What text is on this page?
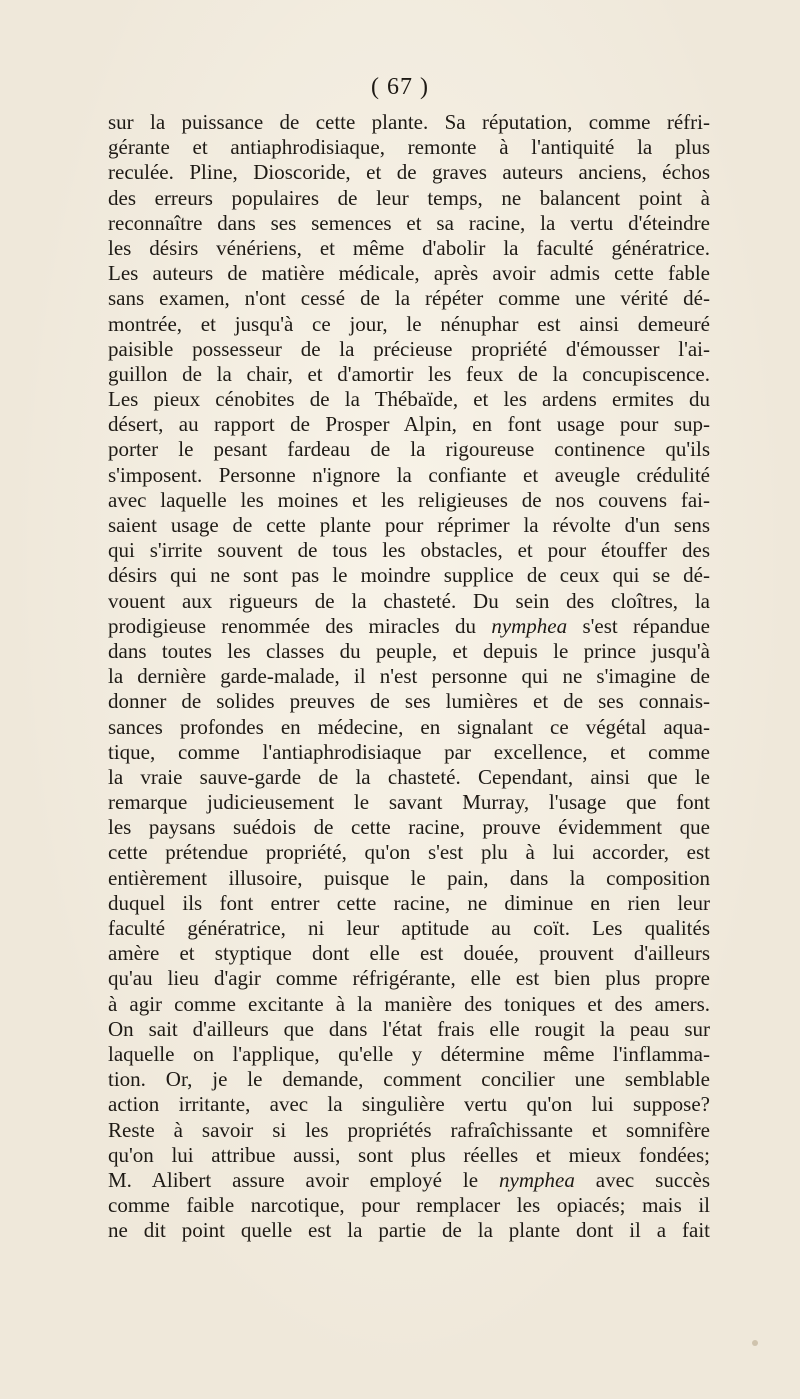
( 67 )
sur la puissance de cette plante. Sa réputation, comme réfri-
gérante et antiaphrodisiaque, remonte à l'antiquité la plus
reculée. Pline, Dioscoride, et de graves auteurs anciens, échos
des erreurs populaires de leur temps, ne balancent point à
reconnaître dans ses semences et sa racine, la vertu d'éteindre
les désirs vénériens, et même d'abolir la faculté génératrice.
Les auteurs de matière médicale, après avoir admis cette fable
sans examen, n'ont cessé de la répéter comme une vérité dé-
montrée, et jusqu'à ce jour, le nénuphar est ainsi demeuré
paisible possesseur de la précieuse propriété d'émousser l'ai-
guillon de la chair, et d'amortir les feux de la concupiscence.
Les pieux cénobites de la Thébaïde, et les ardens ermites du
désert, au rapport de Prosper Alpin, en font usage pour sup-
porter le pesant fardeau de la rigoureuse continence qu'ils
s'imposent. Personne n'ignore la confiante et aveugle crédulité
avec laquelle les moines et les religieuses de nos couvens fai-
saient usage de cette plante pour réprimer la révolte d'un sens
qui s'irrite souvent de tous les obstacles, et pour étouffer des
désirs qui ne sont pas le moindre supplice de ceux qui se dé-
vouent aux rigueurs de la chasteté. Du sein des cloîtres, la
prodigieuse renommée des miracles du nymphea s'est répandue
dans toutes les classes du peuple, et depuis le prince jusqu'à
la dernière garde-malade, il n'est personne qui ne s'imagine de
donner de solides preuves de ses lumières et de ses connais-
sances profondes en médecine, en signalant ce végétal aqua-
tique, comme l'antiaphrodisiaque par excellence, et comme
la vraie sauve-garde de la chasteté. Cependant, ainsi que le
remarque judicieusement le savant Murray, l'usage que font
les paysans suédois de cette racine, prouve évidemment que
cette prétendue propriété, qu'on s'est plu à lui accorder, est
entièrement illusoire, puisque le pain, dans la composition
duquel ils font entrer cette racine, ne diminue en rien leur
faculté génératrice, ni leur aptitude au coït. Les qualités
amère et styptique dont elle est douée, prouvent d'ailleurs
qu'au lieu d'agir comme réfrigérante, elle est bien plus propre
à agir comme excitante à la manière des toniques et des amers.
On sait d'ailleurs que dans l'état frais elle rougit la peau sur
laquelle on l'applique, qu'elle y détermine même l'inflamma-
tion. Or, je le demande, comment concilier une semblable
action irritante, avec la singulière vertu qu'on lui suppose?
Reste à savoir si les propriétés rafraîchissante et somnifère
qu'on lui attribue aussi, sont plus réelles et mieux fondées;
M. Alibert assure avoir employé le nymphea avec succès
comme faible narcotique, pour remplacer les opiacés; mais il
ne dit point quelle est la partie de la plante dont il a fait
